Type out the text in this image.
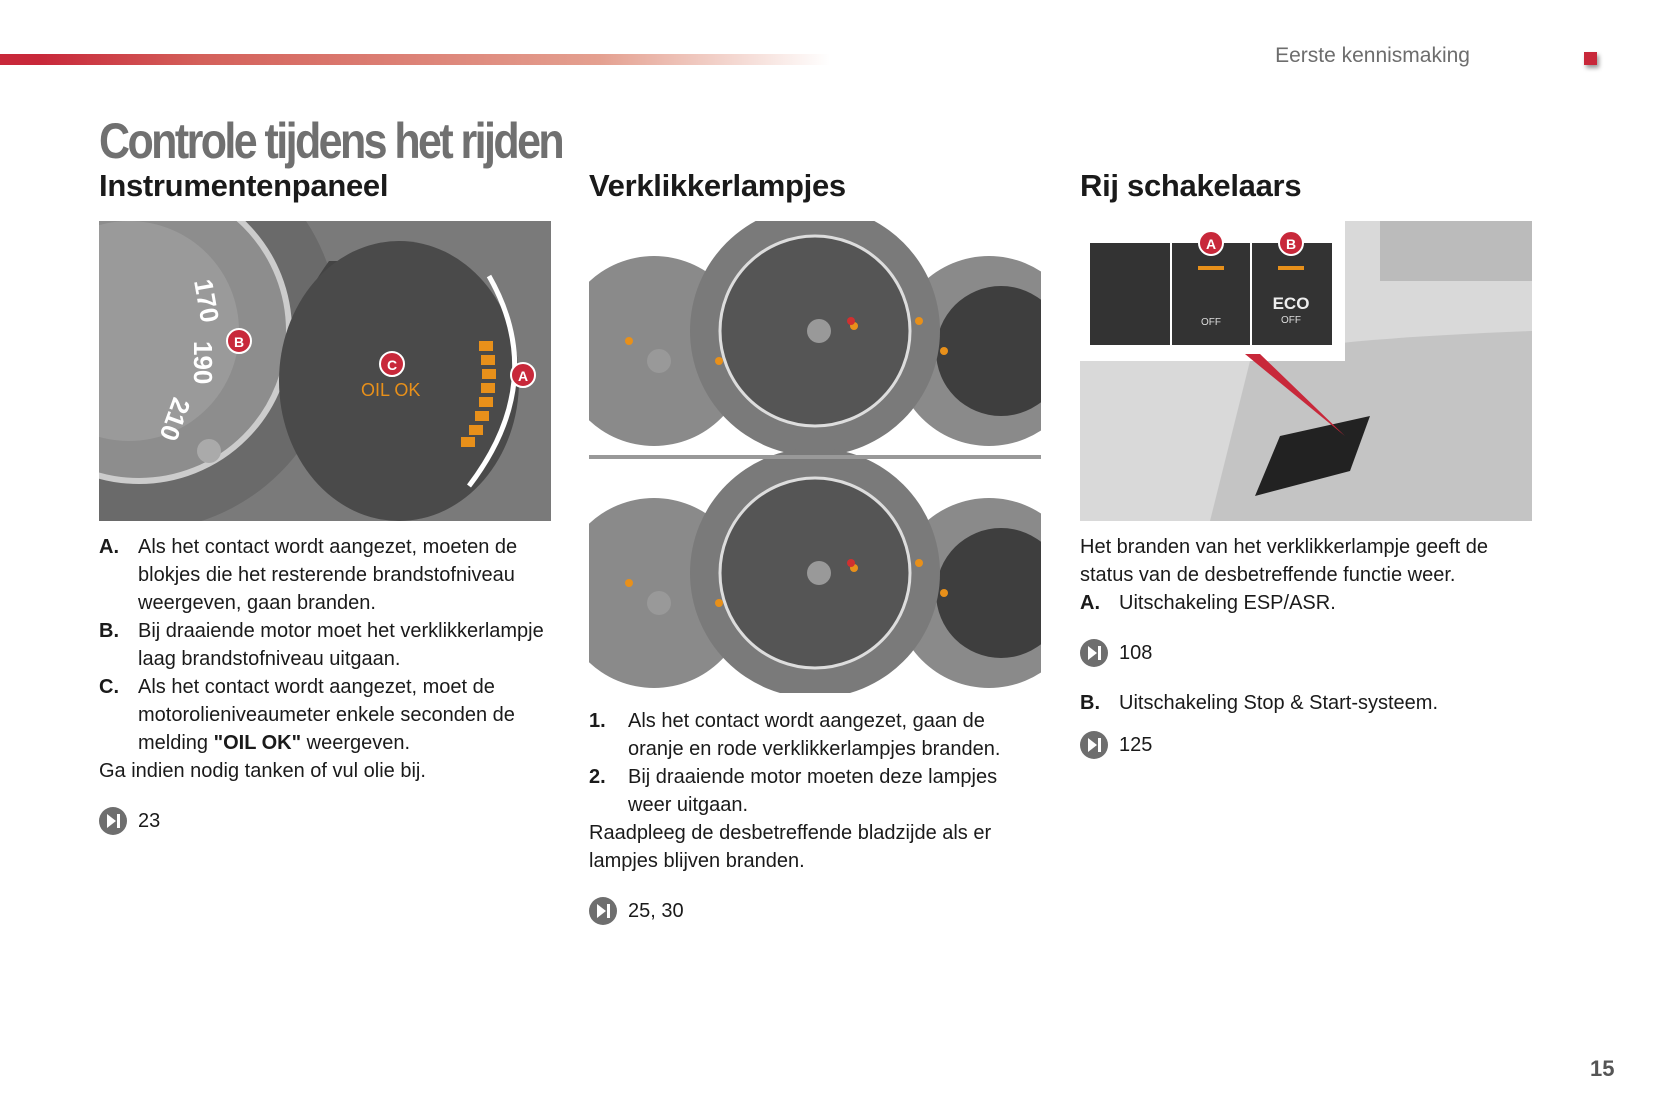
Eerste kennismaking
Controle tijdens het rijden
Instrumentenpaneel
170
190
210
OIL OK
C
B
A
A. Als het contact wordt aangezet, moeten de blokjes die het resterende brandstofniveau weergeven, gaan branden.
B. Bij draaiende motor moet het verklikkerlampje laag brandstofniveau uitgaan.
C. Als het contact wordt aangezet, moet de motorolieniveaumeter enkele seconden de melding "OIL OK" weergeven.
Ga indien nodig tanken of vul olie bij.
23
Verklikkerlampjes
1.	Als het contact wordt aangezet, gaan de oranje en rode verklikkerlampjes branden.
2.	Bij draaiende motor moeten deze lampjes weer uitgaan.
Raadpleeg de desbetreffende bladzijde als er lampjes blijven branden.
25, 30
Rij schakelaars
OFF
ECO
OFF
A	B
Het branden van het verklikkerlampje geeft de status van de desbetreffende functie weer.
A. Uitschakeling ESP/ASR.
108
B. Uitschakeling Stop & Start-systeem.
125
15
